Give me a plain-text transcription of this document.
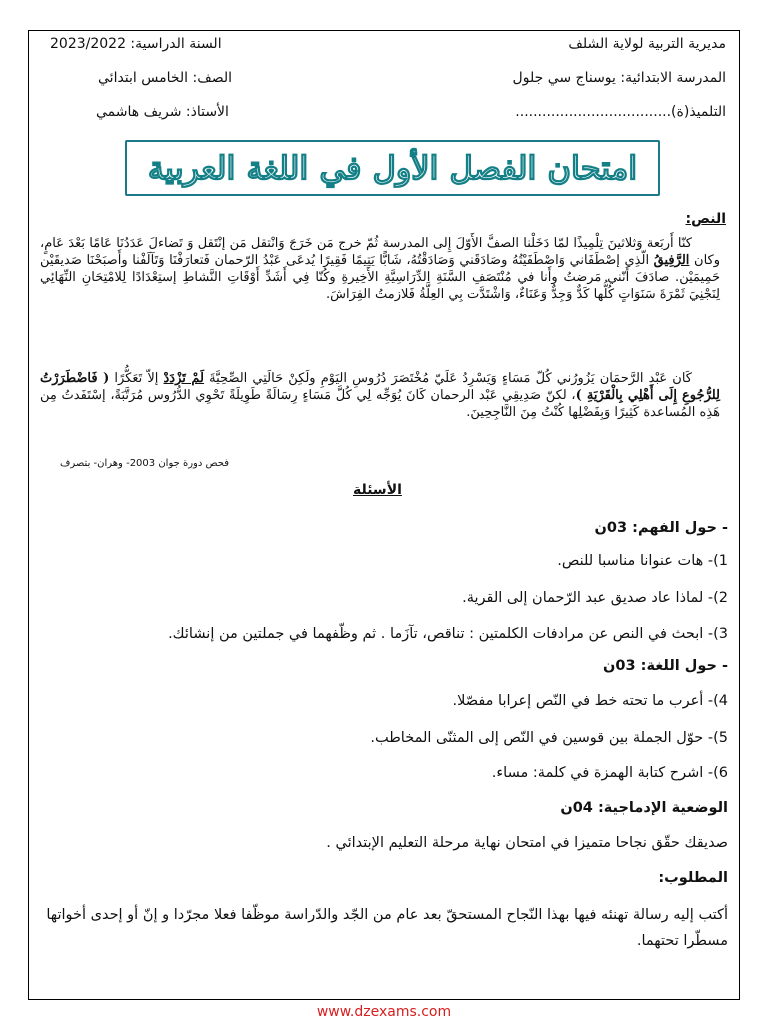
مديرية التربية لولاية الشلف
السنة الدراسية: 2023/2022
المدرسة الابتدائية: يوسناج سي جلول
الصف: الخامس ابتدائي
التلميذ(ة)...................................
الأستاذ: شريف هاشمي
امتحان الفصل الأول في اللغة العربية
النص:
كنّا أَربَعة وَثلاثينَ تِلْمِيذًا لمّا دَخَلْنا الصفَّ الأَوّلَ إِلى المدرسة ثُمّ خرج مَن خَرَجَ وَانْتقل مَن إنْتَقل وَ تَضاءلَ عَدَدُنَا عَامًا بَعْدَ عَامٍ، وكان الرَّفِيقُ الّذِي إصْطَفَاني وَاصْطَفَيْتُهُ وصَادَقَني وَصَادَقْتُهُ، شَابًّا يَتِيمًا فَقِيرًا يُدعَى عَبْدُ الرّحمان فَتعارَفْنَا وَتَآلَفْنا وأَصبَحْنَا صَديقَيْن حَمِيمَيْن. صادَفَ أَنّني مَرضتُ وأَنا في مُنْتَصَفِ السَّنَةِ الدِّرَاسِيَّةِ الأَخِيرةِ وكُنّا فِي أَشَدِّ أَوْقَاتِ النَّشاطِ إستِعْدَادًا لِلامْتِحَانِ النِّهَائِي لِنَجْنِيَ ثَمْرَةَ سَنَوَاتٍ كُلُّها كَدٌّ وَجِدٌّ وَعَنَاءٌ، وَاشْتَدَّت بِي العِلَّةُ فَلازمتُ الفِرَاشَ.
كَان عَبْد الرَّحمَان يَزُورُني كُلّ مَسَاءٍ وَيَسْرِدُ عَلَيّ مُخْتَصَرَ دُرُوسِ اليَوْمِ ولَكِنْ حَالَتِي الصِّحِيَّةَ لَمْ تَزْدَدْ إلاّ تَعَكُّرًا ( فَاضْطَرَرْتُ لِلرُّجُوعِ إِلَى أَهْلِي بِالْقَرْيَةِ )، لكنّ صَدِيقِي عَبْد الرحمان كَانَ يُوَجِّه لِي كُلَّ مَسَاءٍ رِسَالَةً طَوِيلَةً تَحْوِي الدُّرُوس مُرَتَّبَةً، إسْتَفَدتُ مِن هَذِه المُساعدة كَثِيرًا وَبِفَضْلِها كُنْتُ مِنَ النَّاجِحِينَ.
فحص دورة جوان 2003- وهران- بتصرف
الأسئلة
- حول الفهم: 03ن
1)- هات عنوانا مناسبا للنص.
2)- لماذا عاد صديق عبد الرّحمان إلى القرية.
3)- ابحث في النص عن مرادفات الكلمتين : تناقص، تآزَما . ثم وظّفهما في جملتين من إنشائك.
- حول اللغة: 03ن
4)- أعرب ما تحته خط في النّص إعرابا مفصّلا.
5)- حوّل الجملة بين قوسين في النّص إلى المثنّى المخاطب.
6)- اشرح كتابة الهمزة في كلمة: مساء.
الوضعية الإدماجية: 04ن
صديقك حقّق نجاحا متميزا في امتحان نهاية مرحلة التعليم الإبتدائي .
المطلوب:
أكتب إليه رسالة تهنئه فيها بهذا النّجاح المستحقّ بعد عام من الجّد والدّراسة موظّفا فعلا مجرّدا و إنّ أو إحدى أخواتها مسطّرا تحتهما.
www.dzexams.com
